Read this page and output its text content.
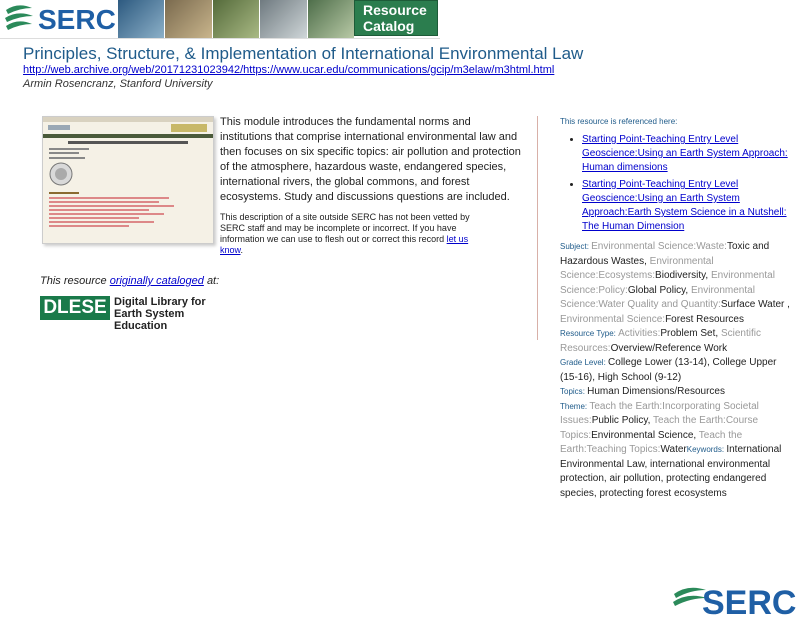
SERC	Resource
Catalog
Principles, Structure, & Implementation of International Environmental Law
http://web.archive.org/web/20171231023942/https://www.ucar.edu/communications/gcip/m3elaw/m3html.html
Armin Rosencranz, Stanford University
This module introduces the fundamental norms and institutions that comprise international environmental law and then focuses on six specific topics: air pollution and protection of the atmosphere, hazardous waste, endangered species, international rivers, the global commons, and forest ecosystems. Study and discussions questions are included.
This description of a site outside SERC has not been vetted by SERC staff and may be incomplete or incorrect. If you have information we can use to flesh out or correct this record let us know.
This resource originally cataloged at:
DLESE Digital Library for
Earth System Education
This resource is referenced here:
• Starting Point-Teaching Entry Level Geoscience:Using an Earth System Approach: Human dimensions
• Starting Point-Teaching Entry Level Geoscience:Using an Earth System Approach:Earth System Science in a Nutshell: The Human Dimension
Subject: Environmental Science:Waste:Toxic and Hazardous Wastes, Environmental Science:Ecosystems:Biodiversity, Environmental Science:Policy:Global Policy, Environmental Science:Water Quality and Quantity:Surface Water , Environmental Science:Forest Resources
Resource Type: Activities:Problem Set, Scientific Resources:Overview/Reference Work
Grade Level: College Lower (13-14), College Upper (15-16), High School (9-12)
Topics: Human Dimensions/Resources
Theme: Teach the Earth:Incorporating Societal Issues:Public Policy, Teach the Earth:Course Topics:Environmental Science, Teach the Earth:Teaching Topics:WaterKeywords: International Environmental Law, international environmental protection, air pollution, protecting endangered species, protecting forest ecosystems
SERC
